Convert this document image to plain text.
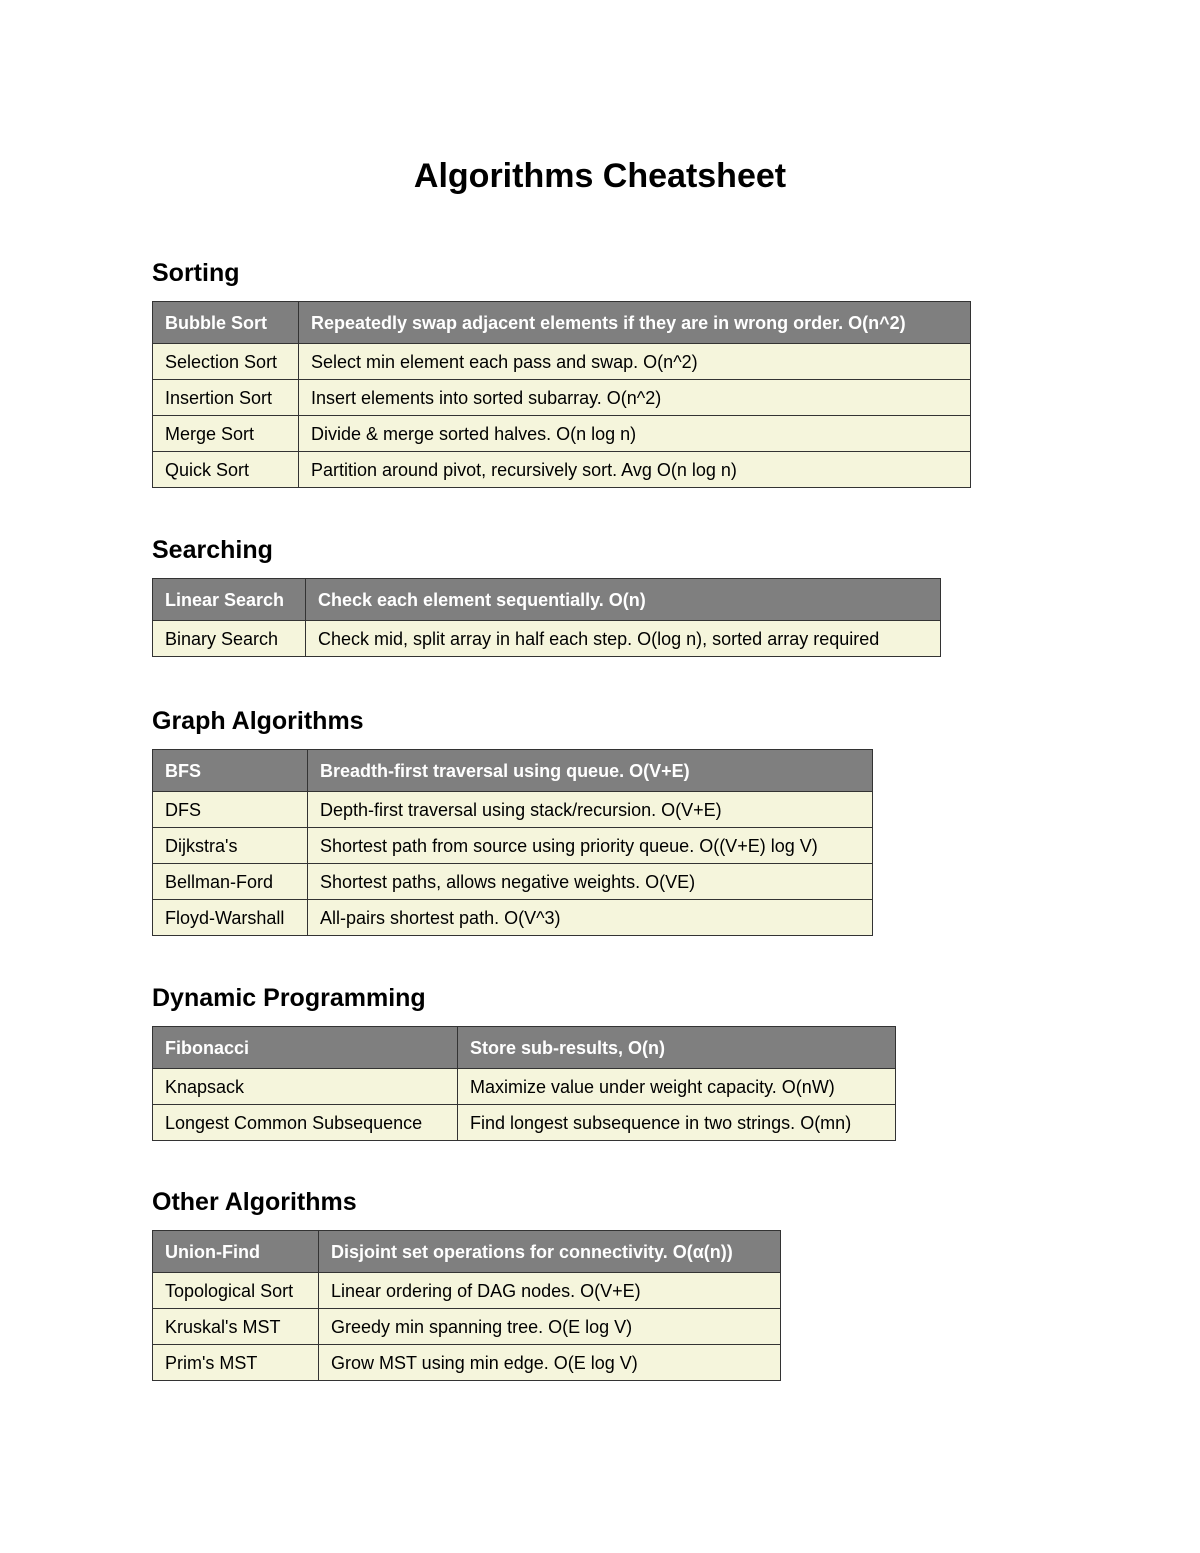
Algorithms Cheatsheet
Sorting
Bubble Sort	Repeatedly swap adjacent elements if they are in wrong order. O(n^2)
Selection Sort	Select min element each pass and swap. O(n^2)
Insertion Sort	Insert elements into sorted subarray. O(n^2)
Merge Sort	Divide & merge sorted halves. O(n log n)
Quick Sort	Partition around pivot, recursively sort. Avg O(n log n)
Searching
Linear Search	Check each element sequentially. O(n)
Binary Search	Check mid, split array in half each step. O(log n), sorted array required
Graph Algorithms
BFS	Breadth-first traversal using queue. O(V+E)
DFS	Depth-first traversal using stack/recursion. O(V+E)
Dijkstra's	Shortest path from source using priority queue. O((V+E) log V)
Bellman-Ford	Shortest paths, allows negative weights. O(VE)
Floyd-Warshall	All-pairs shortest path. O(V^3)
Dynamic Programming
Fibonacci	Store sub-results, O(n)
Knapsack	Maximize value under weight capacity. O(nW)
Longest Common Subsequence	Find longest subsequence in two strings. O(mn)
Other Algorithms
Union-Find	Disjoint set operations for connectivity. O(α(n))
Topological Sort	Linear ordering of DAG nodes. O(V+E)
Kruskal's MST	Greedy min spanning tree. O(E log V)
Prim's MST	Grow MST using min edge. O(E log V)
